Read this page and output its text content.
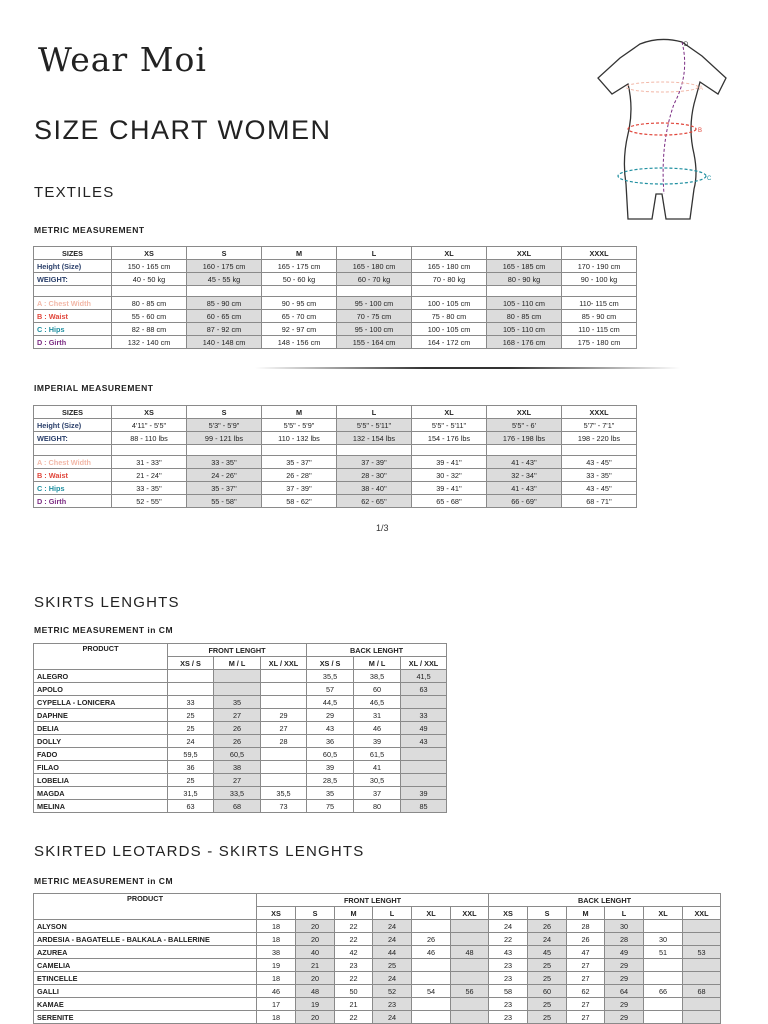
Wear Moi
SIZE CHART WOMEN
D
A
B
C
TEXTILES
METRIC MEASUREMENT
SIZES	XS	S	M	L	XL	XXL	XXXL
Height (Size)	150 - 165 cm	160 - 175 cm	165 - 175 cm	165 - 180 cm	165 - 180 cm	165 - 185 cm	170 - 190 cm
WEIGHT:	40 - 50 kg	45 - 55 kg	50 - 60 kg	60 - 70 kg	70 - 80 kg	80 - 90 kg	90 - 100 kg

A : Chest Width	80 - 85 cm	85 - 90 cm	90 - 95 cm	95 - 100 cm	100 - 105 cm	105 - 110 cm	110- 115 cm
B : Waist	55 - 60 cm	60 - 65 cm	65 - 70 cm	70 - 75 cm	75 - 80 cm	80 - 85 cm	85 - 90 cm
C : Hips	82 - 88 cm	87 - 92 cm	92 - 97 cm	95 - 100 cm	100 - 105 cm	105 - 110 cm	110 - 115 cm
D : Girth	132 - 140 cm	140 - 148 cm	148 - 156 cm	155 - 164 cm	164 - 172 cm	168 - 176 cm	175 - 180 cm
IMPERIAL MEASUREMENT
SIZES	XS	S	M	L	XL	XXL	XXXL
Height (Size)	4'11" - 5'5"	5'3" - 5'9"	5'5" - 5'9"	5'5" - 5'11"	5'5" - 5'11"	5'5" - 6'	5'7" - 7'1"
WEIGHT:	88 - 110 lbs	99 - 121 lbs	110 - 132 lbs	132 - 154 lbs	154 - 176 lbs	176 - 198 lbs	198 - 220 lbs

A : Chest Width	31 - 33''	33 - 35''	35 - 37''	37 - 39''	39 - 41''	41 - 43''	43 - 45''
B : Waist	21 - 24''	24 - 26''	26 - 28''	28 - 30''	30 - 32''	32 - 34''	33 - 35''
C : Hips	33 - 35''	35 - 37''	37 - 39''	38 - 40''	39 - 41''	41 - 43''	43 - 45''
D : Girth	52 - 55''	55 - 58''	58 - 62''	62 - 65''	65 - 68''	66 - 69''	68 - 71''
1/3
SKIRTS LENGHTS
METRIC MEASUREMENT in CM
PRODUCT	FRONT LENGHT			BACK LENGHT		
	XS / S	M / L	XL / XXL	XS / S	M / L	XL / XXL
ALEGRO				35,5	38,5	41,5
APOLO				57	60	63
CYPELLA - LONICERA	33	35		44,5	46,5	
DAPHNE	25	27	29	29	31	33
DELIA	25	26	27	43	46	49
DOLLY	24	26	28	36	39	43
FADO	59,5	60,5		60,5	61,5	
FILAO	36	38		39	41	
LOBELIA	25	27		28,5	30,5	
MAGDA	31,5	33,5	35,5	35	37	39
MELINA	63	68	73	75	80	85
SKIRTED LEOTARDS - SKIRTS LENGHTS
METRIC MEASUREMENT in CM
PRODUCT	FRONT LENGHT						BACK LENGHT					
	XS	S	M	L	XL	XXL	XS	S	M	L	XL	XXL
ALYSON	18	20	22	24			24	26	28	30		
ARDESIA - BAGATELLE - BALKALA - BALLERINE	18	20	22	24	26		22	24	26	28	30	
AZUREA	38	40	42	44	46	48	43	45	47	49	51	53
CAMELIA	19	21	23	25			23	25	27	29		
ETINCELLE	18	20	22	24			23	25	27	29		
GALLI	46	48	50	52	54	56	58	60	62	64	66	68
KAMAE	17	19	21	23			23	25	27	29		
SERENITE	18	20	22	24			23	25	27	29		
